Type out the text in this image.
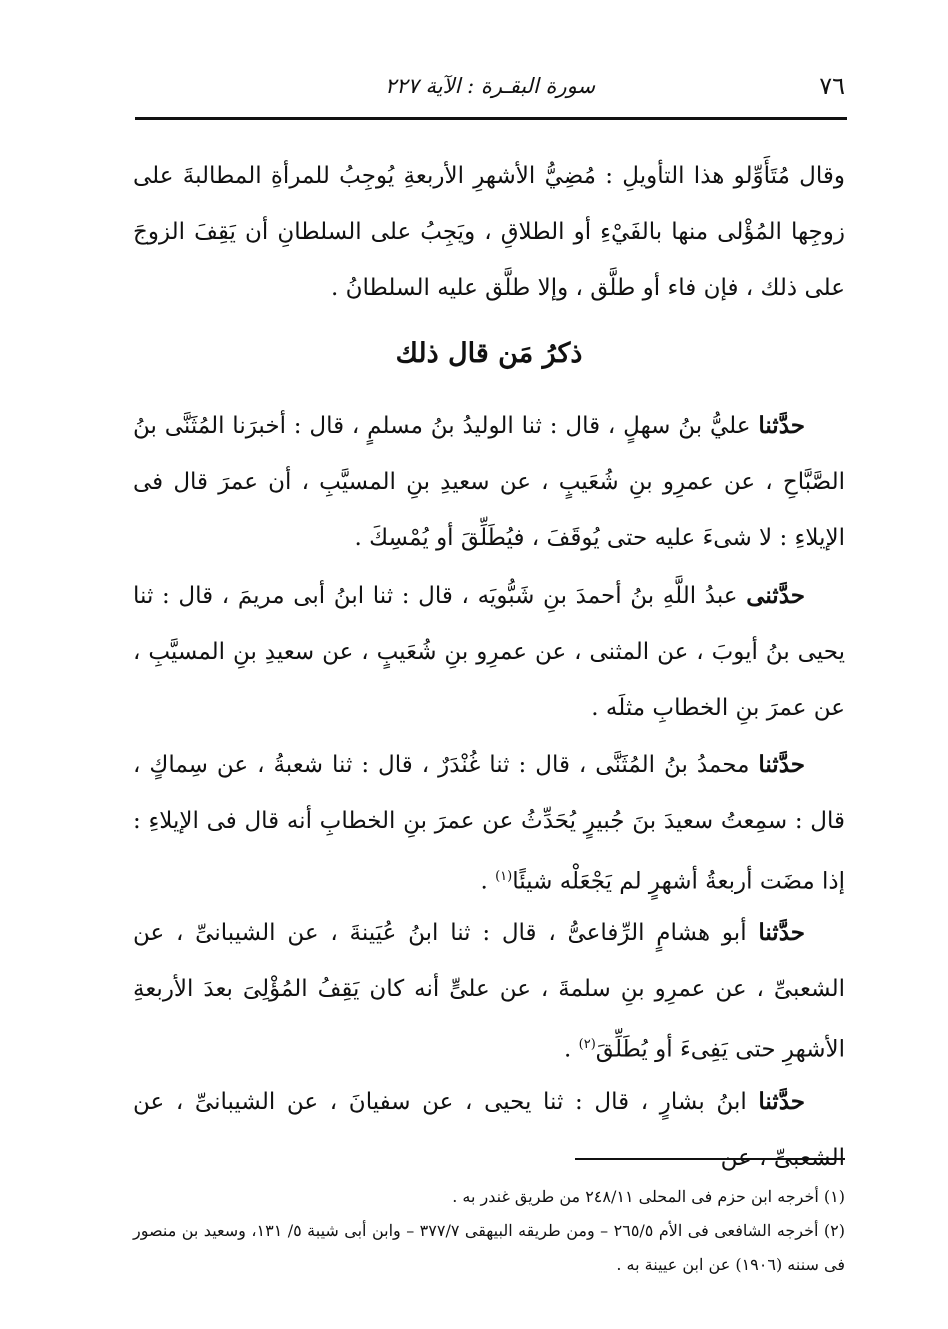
٧٦
سورة البقـرة : الآية ٢٢٧

وقال مُتَأَوِّلو هذا التأويلِ : مُضِيُّ الأشهرِ الأربعةِ يُوجِبُ للمرأةِ المطالبةَ على زوجِها المُؤْلى منها بالفَيْءِ أو الطلاقِ ، ويَجِبُ على السلطانِ أن يَقِفَ الزوجَ على ذلك ، فإن فاء أو طلَّق ، وإلا طلَّق عليه السلطانُ .

ذكرُ مَن قال ذلك

حدَّثنا عليُّ بنُ سهلٍ ، قال : ثنا الوليدُ بنُ مسلمٍ ، قال : أخبرَنا المُثَنَّى بنُ الصَّبَّاحِ ، عن عمرِو بنِ شُعَيبٍ ، عن سعيدِ بنِ المسيَّبِ ، أن عمرَ قال فى الإيلاءِ : لا شىءَ عليه حتى يُوقَفَ ، فيُطَلِّقَ أو يُمْسِكَ .

حدَّثنى عبدُ اللَّهِ بنُ أحمدَ بنِ شَبُّويَه ، قال : ثنا ابنُ أبى مريمَ ، قال : ثنا يحيى بنُ أيوبَ ، عن المثنى ، عن عمرِو بنِ شُعَيبٍ ، عن سعيدِ بنِ المسيَّبِ ، عن عمرَ بنِ الخطابِ مثلَه .

حدَّثنا محمدُ بنُ المُثَنَّى ، قال : ثنا غُنْدَرٌ ، قال : ثنا شعبةُ ، عن سِماكٍ ، قال : سمِعتُ سعيدَ بنَ جُبيرٍ يُحَدِّثُ عن عمرَ بنِ الخطابِ أنه قال فى الإيلاءِ : إذا مضَت أربعةُ أشهرٍ لم يَجْعَلْه شيئًا$^{(١)}$ .

حدَّثنا أبو هشامٍ الرِّفاعىُّ ، قال : ثنا ابنُ عُيَينةَ ، عن الشيبانىِّ ، عن الشعبىِّ ، عن عمرِو بنِ سلمةَ ، عن علىٍّ أنه كان يَقِفُ المُؤْلِىَ بعدَ الأربعةِ الأشهرِ حتى يَفِىءَ أو يُطَلِّقَ$^{(٢)}$ .

حدَّثنا ابنُ بشارٍ ، قال : ثنا يحيى ، عن سفيانَ ، عن الشيبانىِّ ، عن الشعبىِّ ، عن

(١) أخرجه ابن حزم فى المحلى ٢٤٨/١١ من طريق غندر به .

(٢) أخرجه الشافعى فى الأم ٢٦٥/٥ – ومن طريقه البيهقى ٣٧٧/٧ – وابن أبى شيبة ٥/ ١٣١، وسعيد بن منصور فى سننه (١٩٠٦) عن ابن عيينة به .
